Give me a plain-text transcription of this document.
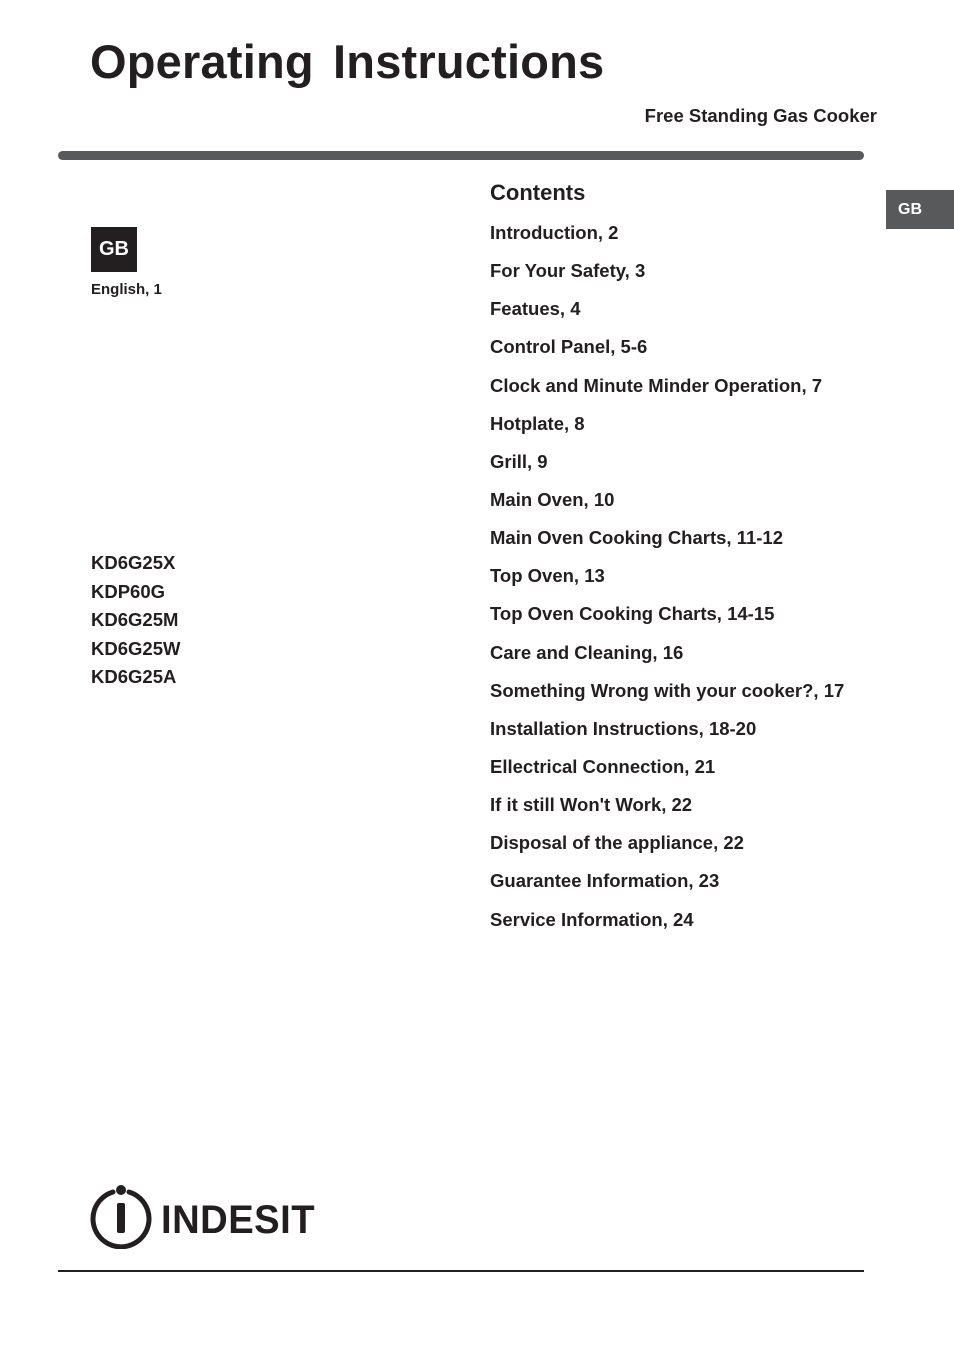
Operating Instructions
Free Standing Gas Cooker
GB
GB
English, 1
KD6G25X
KDP60G
KD6G25M
KD6G25W
KD6G25A
Contents
Introduction, 2
For Your Safety, 3
Featues, 4
Control Panel, 5-6
Clock and Minute Minder Operation, 7
Hotplate, 8
Grill, 9
Main Oven, 10
Main Oven Cooking Charts, 11-12
Top Oven, 13
Top Oven Cooking Charts, 14-15
Care and Cleaning, 16
Something Wrong with your cooker?, 17
Installation Instructions, 18-20
Ellectrical Connection, 21
If it still Won't Work, 22
Disposal of the appliance, 22
Guarantee Information, 23
Service Information, 24
INDESIT
